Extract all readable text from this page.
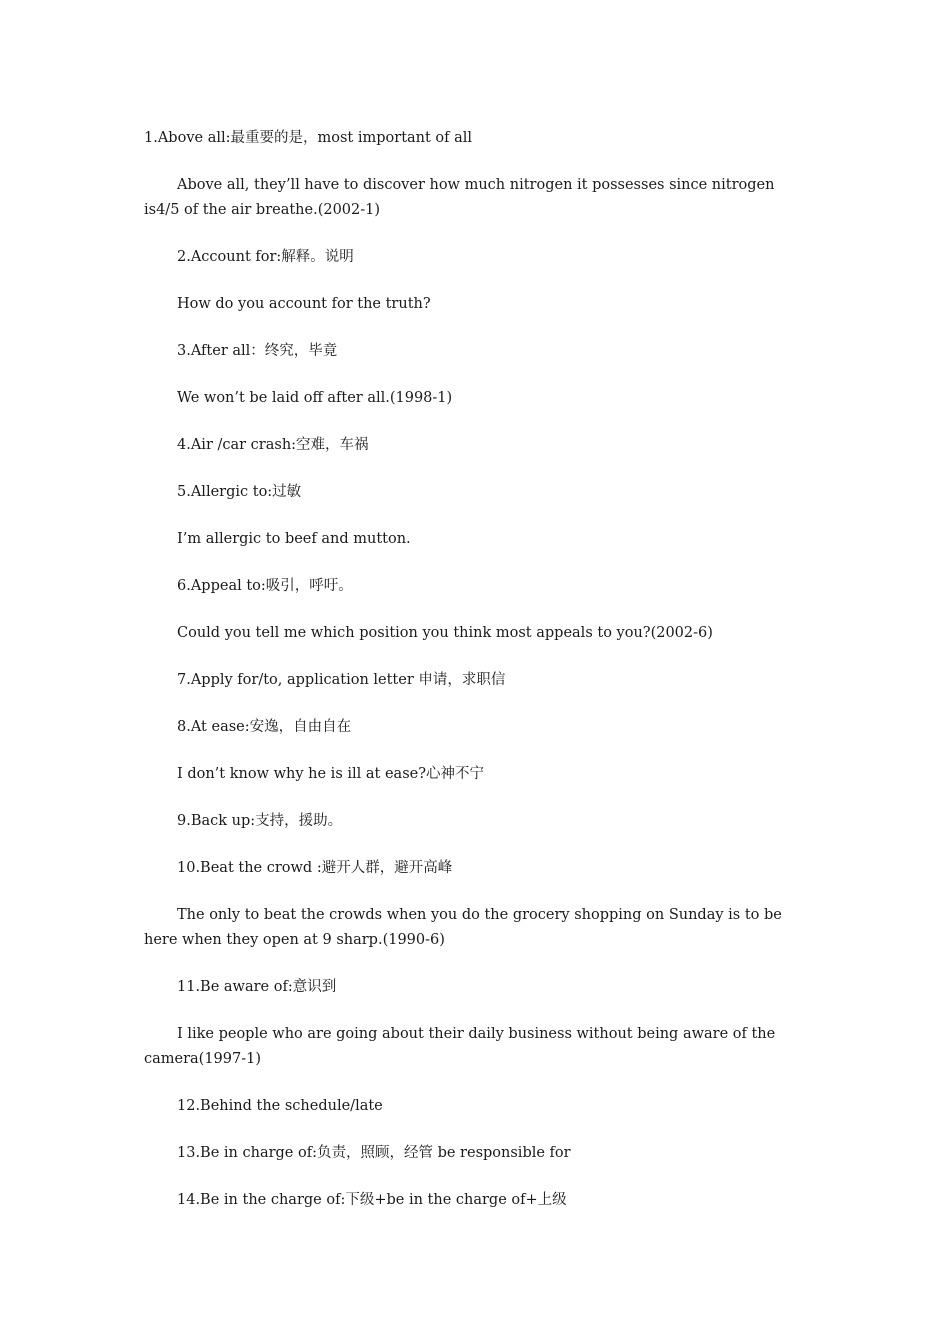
1.Above all:最重要的是，most important of all

Above all, they’ll have to discover how much nitrogen it possesses since nitrogen is4/5 of the air breathe.(2002-1)

2.Account for:解释。说明

How do you account for the truth?

3.After all：终究，毕竟

We won’t be laid off after all.(1998-1)

4.Air /car crash:空难，车祸

5.Allergic to:过敏

I’m allergic to beef and mutton.

6.Appeal to:吸引，呼吁。

Could you tell me which position you think most appeals to you?(2002-6)

7.Apply for/to, application letter 申请，求职信

8.At ease:安逸，自由自在

I don’t know why he is ill at ease?心神不宁

9.Back up:支持，援助。

10.Beat the crowd :避开人群，避开高峰

The only to beat the crowds when you do the grocery shopping on Sunday is to be here when they open at 9 sharp.(1990-6)

11.Be aware of:意识到

I like people who are going about their daily business without being aware of the camera(1997-1)

12.Behind the schedule/late

13.Be in charge of:负责，照顾，经管 be responsible for

14.Be in the charge of:下级+be in the charge of+上级
